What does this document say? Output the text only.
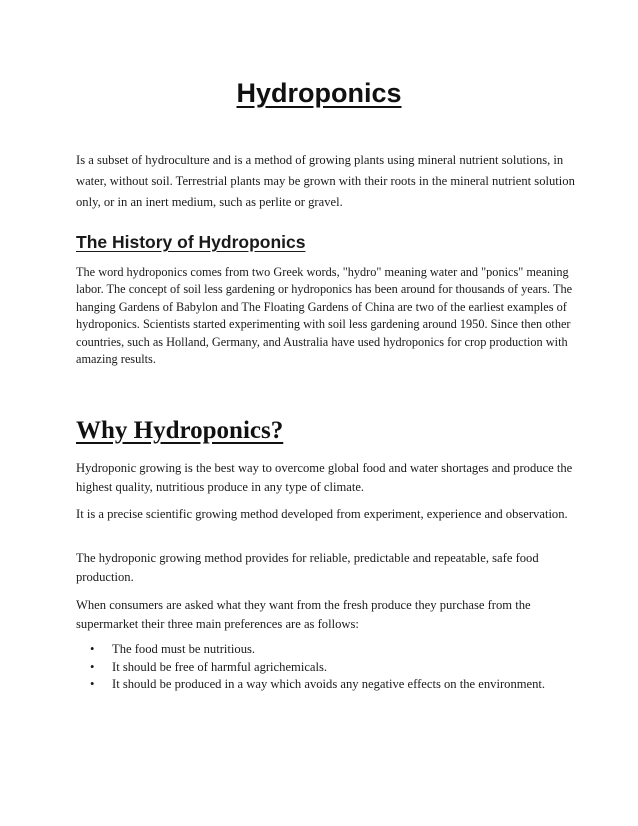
Hydroponics

Is a subset of hydroculture and is a method of growing plants using mineral nutrient solutions, in water, without soil. Terrestrial plants may be grown with their roots in the mineral nutrient solution only, or in an inert medium, such as perlite or gravel.

The History of Hydroponics

The word hydroponics comes from two Greek words, "hydro" meaning water and "ponics" meaning labor. The concept of soil less gardening or hydroponics has been around for thousands of years. The hanging Gardens of Babylon and The Floating Gardens of China are two of the earliest examples of hydroponics. Scientists started experimenting with soil less gardening around 1950. Since then other countries, such as Holland, Germany, and Australia have used hydroponics for crop production with amazing results.

Why Hydroponics?

Hydroponic growing is the best way to overcome global food and water shortages and produce the highest quality, nutritious produce in any type of climate.

It is a precise scientific growing method developed from experiment, experience and observation.

The hydroponic growing method provides for reliable, predictable and repeatable, safe food production.

When consumers are asked what they want from the fresh produce they purchase from the supermarket their three main preferences are as follows:

• The food must be nutritious.
• It should be free of harmful agrichemicals.
• It should be produced in a way which avoids any negative effects on the environment.
